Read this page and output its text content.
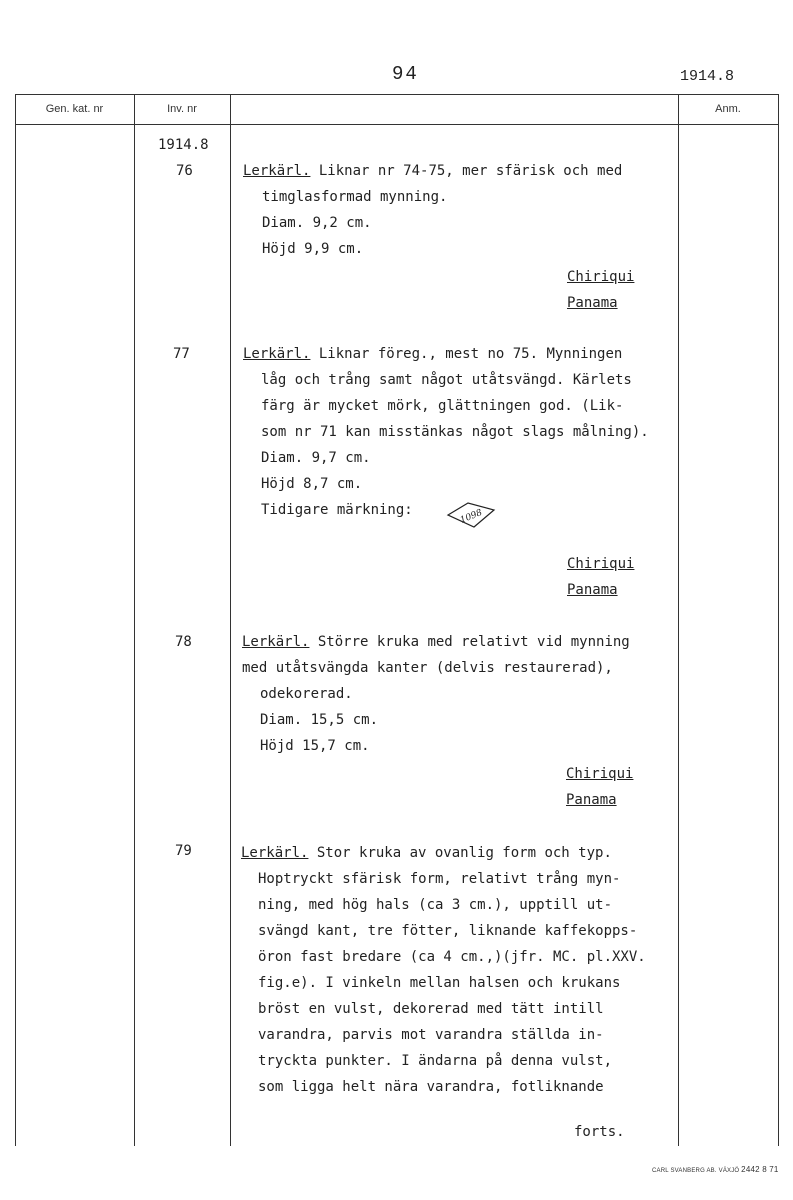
94	1914.8
Gen. kat. nr	Inv. nr	Anm.
1914.8
76	Lerkärl. Liknar nr 74-75, mer sfärisk och med
timglasformad mynning.
Diam. 9,2 cm.
Höjd 9,9 cm.
Chiriqui
Panama
77	Lerkärl. Liknar föreg., mest no 75. Mynningen
låg och trång samt något utåtsvängd. Kärlets
färg är mycket mörk, glättningen god. (Lik-
som nr 71 kan misstänkas något slags målning).
Diam. 9,7 cm.
Höjd 8,7 cm.
Tidigare märkning:	1098
Chiriqui
Panama
78	Lerkärl. Större kruka med relativt vid mynning
med utåtsvängda kanter (delvis restaurerad),
odekorerad.
Diam. 15,5 cm.
Höjd 15,7 cm.
Chiriqui
Panama
79	Lerkärl. Stor kruka av ovanlig form och typ.
Hoptryckt sfärisk form, relativt trång myn-
ning, med hög hals (ca 3 cm.), upptill ut-
svängd kant, tre fötter, liknande kaffekopps-
öron fast bredare (ca 4 cm.,)(jfr. MC. pl.XXV.
fig.e). I vinkeln mellan halsen och krukans
bröst en vulst, dekorerad med tätt intill
varandra, parvis mot varandra ställda in-
tryckta punkter. I ändarna på denna vulst,
som ligga helt nära varandra, fotliknande
forts.
CARL SVANBERG AB. VÄXJÖ 2442 8 71
